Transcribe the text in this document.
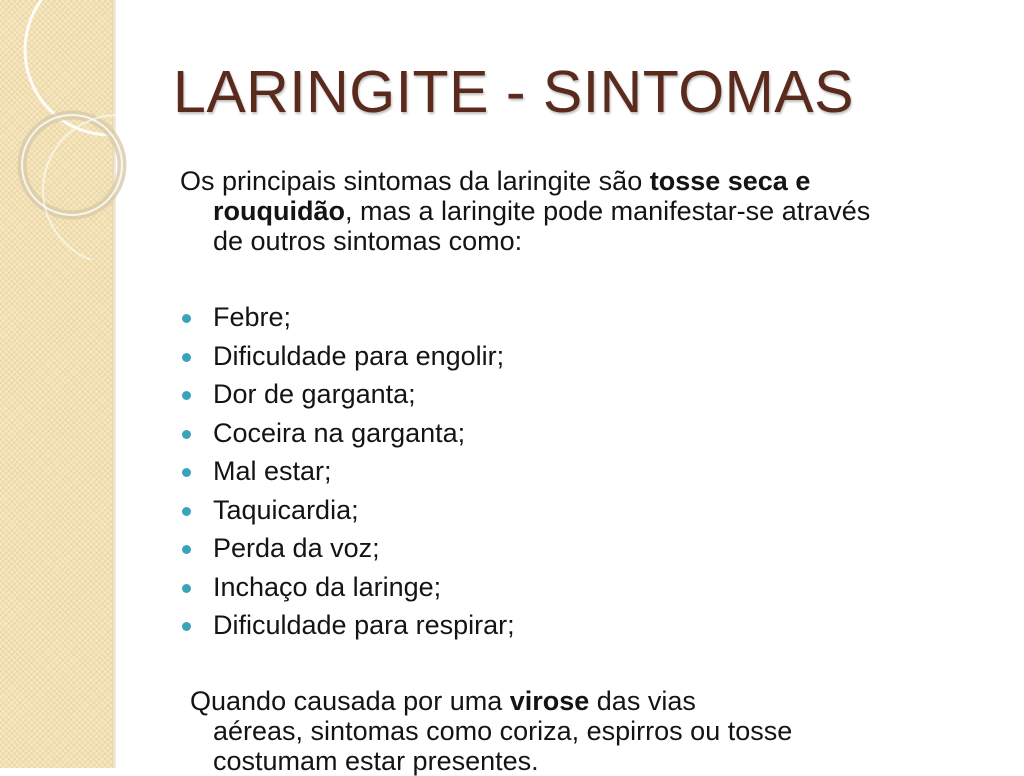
LARINGITE - SINTOMAS

Os principais sintomas da laringite são tosse seca e
rouquidão, mas a laringite pode manifestar-se através
de outros sintomas como:

Febre;
Dificuldade para engolir;
Dor de garganta;
Coceira na garganta;
Mal estar;
Taquicardia;
Perda da voz;
Inchaço da laringe;
Dificuldade para respirar;

Quando causada por uma virose das vias
aéreas, sintomas como coriza, espirros ou tosse
costumam estar presentes.
